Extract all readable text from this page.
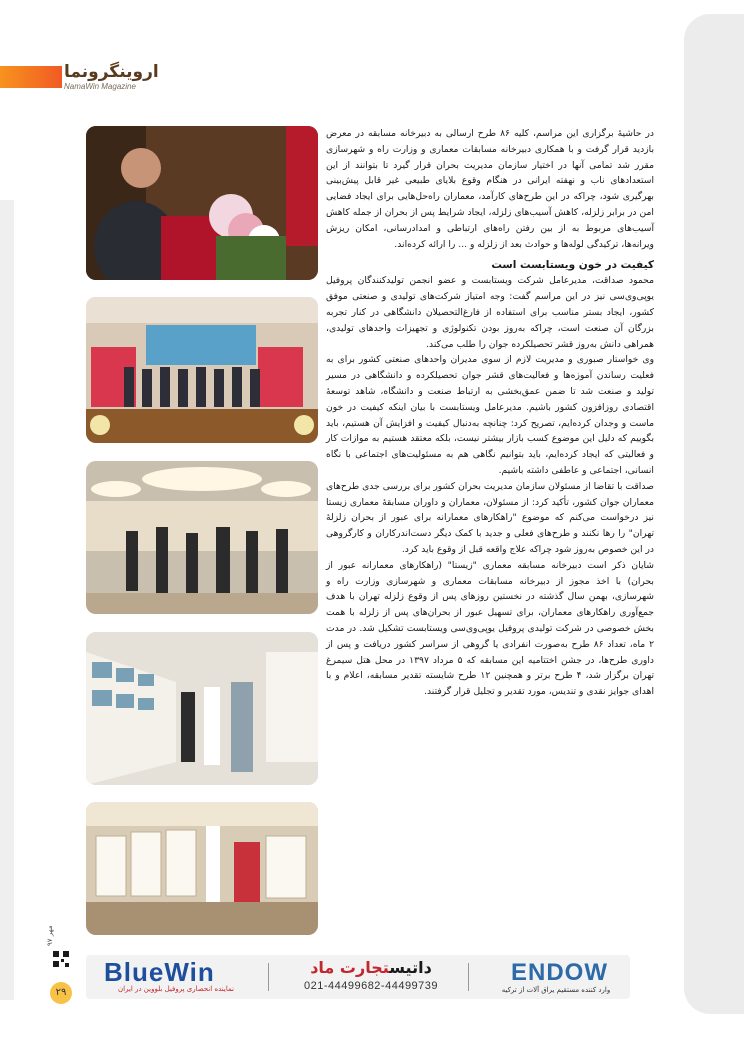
اروینگرونما
NamaWin Magazine

در حاشیۀ برگزاری این مراسم، کلیه ۸۶ طرح ارسالی به دبیرخانه مسابقه در معرض بازدید قرار گرفت و با همکاری دبیرخانه مسابقات معماری و وزارت راه و شهرسازی مقرر شد تمامی آنها در اختیار سازمان مدیریت بحران قرار گیرد تا بتوانند از این استعدادهای ناب و نهفته ایرانی در هنگام وقوع بلایای طبیعی غیر قابل پیش‌بینی بهرگیری شود، چراکه در این طرح‌های کارآمد، معماران راه‌حل‌هایی برای ایجاد فضایی امن در برابر زلزله، کاهش آسیب‌های زلزله، ایجاد شرایط پس از بحران از جمله کاهش آسیب‌های مربوط به از بین رفتن راه‌های ارتباطی و امدادرسانی، امکان ریزش ویرانه‌ها، ترکیدگی لوله‌ها و حوادث بعد از زلزله و ... را ارائه کرده‌اند.

کیفیت در خون ویستابست است

محمود صداقت، مدیرعامل شرکت ویستابست و عضو انجمن تولیدکنندگان پروفیل یوپی‌وی‌سی نیز در این مراسم گفت: وجه امتیاز شرکت‌های تولیدی و صنعتی موفق کشور، ایجاد بستر مناسب برای استفاده از فارغ‌التحصیلان دانشگاهی در کنار تجربه بزرگان آن صنعت است، چراکه به‌روز بودن تکنولوژی و تجهیزات واحدهای تولیدی، همراهی دانش به‌روز قشر تحصیلکرده جوان را طلب می‌کند.

وی خواستار صبوری و مدیریت لازم از سوی مدیران واحدهای صنعتی کشور برای به فعلیت رساندن آموزه‌ها و فعالیت‌های قشر جوان تحصیلکرده و دانشگاهی در مسیر تولید و صنعت شد تا ضمن عمق‌بخشی به ارتباط صنعت و دانشگاه، شاهد توسعۀ اقتصادی روزافزون کشور باشیم. مدیرعامل ویستابست با بیان اینکه کیفیت در خون ماست و وجدان کرده‌ایم، تصریح کرد: چنانچه به‌دنبال کیفیت و افزایش آن هستیم، باید بگوییم که دلیل این موضوع کسب بازار بیشتر نیست، بلکه معتقد هستیم به موازات کار و فعالیتی که ایجاد کرده‌ایم، باید بتوانیم نگاهی هم به مسئولیت‌های اجتماعی با نگاه انسانی، اجتماعی و عاطفی داشته باشیم.

صداقت با تقاضا از مسئولان سازمان مدیریت بحران کشور برای بررسی جدی طرح‌های معماران جوان کشور، تأکید کرد: از مسئولان، معماران و داوران مسابقۀ معماری زیستا نیز درخواست می‌کنم که موضوع "راهکارهای معمارانه برای عبور از بحران زلزلۀ تهران" را رها نکنند و طرح‌های فعلی و جدید با کمک دیگر دست‌اندرکاران و کارگروهی در این خصوص به‌روز شود چراکه علاج واقعه قبل از وقوع باید کرد.

شایان ذکر است دبیرخانه مسابقه معماری "زیستا" (راهکارهای معمارانه عبور از بحران) با اخذ مجوز از دبیرخانه مسابقات معماری و شهرسازی وزارت راه و شهرسازی، بهمن سال گذشته در نخستین روزهای پس از وقوع زلزله تهران با هدف جمع‌آوری راهکارهای معماران، برای تسهیل عبور از بحران‌های پس از زلزله با همت بخش خصوصی در شرکت تولیدی پروفیل یوپی‌وی‌سی ویستابست تشکیل شد. در مدت ۲ ماه، تعداد ۸۶ طرح به‌صورت انفرادی یا گروهی از سراسر کشور دریافت و پس از داوری طرح‌ها، در جشن اختتامیه این مسابقه که ۵ مرداد ۱۳۹۷ در محل هتل سیمرغ تهران برگزار شد، ۴ طرح برتر و همچنین ۱۲ طرح شایسته تقدیر مسابقه، اعلام و با اهدای جوایز نقدی و تندیس، مورد تقدیر و تجلیل قرار گرفتند.

مهر ۹۷
۲۹
BlueWin
نماینده انحصاری پروفیل بلووین در ایران
داتیستجارت ماد
021-44499682-44499739	ENDOW
وارد کننده مستقیم یراق آلات از ترکیه
